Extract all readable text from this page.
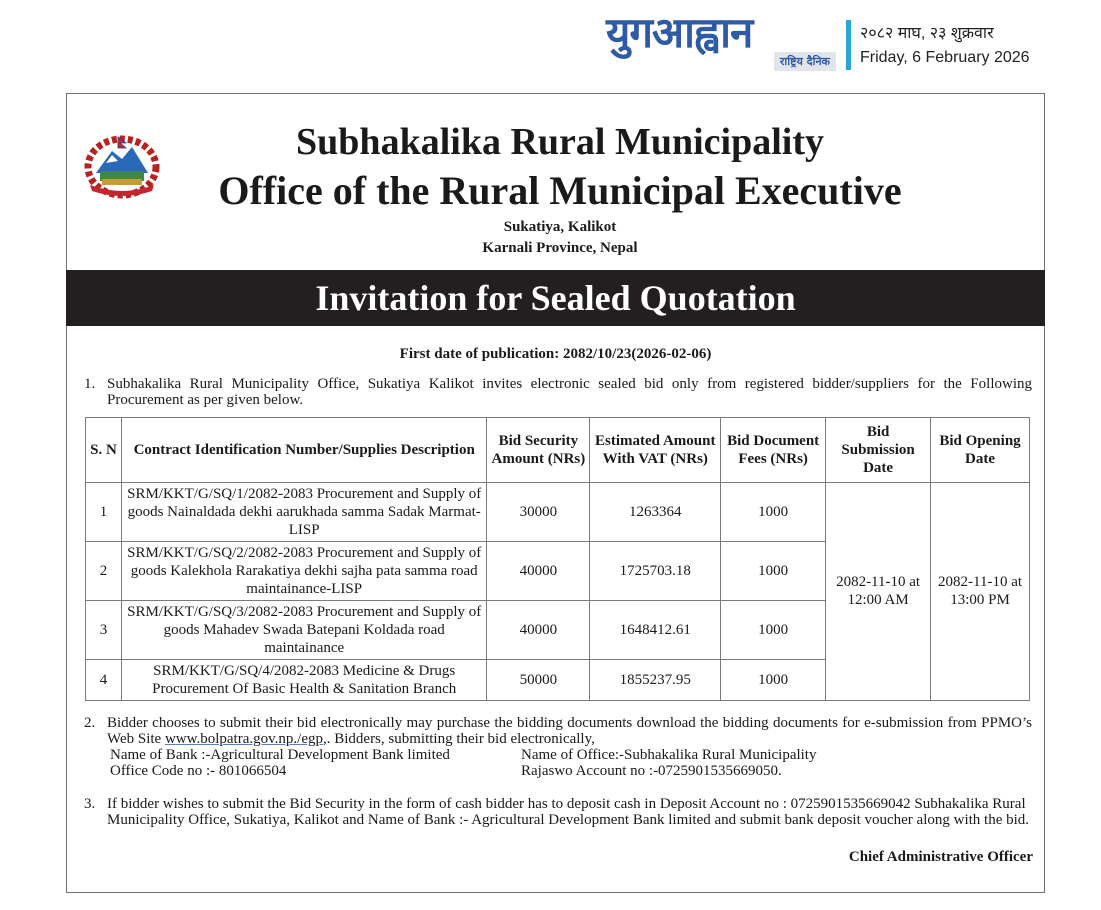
युगआह्वान
राष्ट्रिय दैनिक
२०८२ माघ, २३ शुक्रवार
Friday, 6 February 2026
Subhakalika Rural Municipality
Office of the Rural Municipal Executive
Sukatiya, Kalikot
Karnali Province, Nepal
Invitation for Sealed Quotation
First date of publication: 2082/10/23(2026-02-06)
1. Subhakalika Rural Municipality Office, Sukatiya Kalikot invites electronic sealed bid only from registered bidder/suppliers for the Following Procurement as per given below.
S. N	Contract Identification Number/Supplies Description	Bid Security Amount (NRs)	Estimated Amount With VAT (NRs)	Bid Document Fees (NRs)	Bid Submission Date	Bid Opening Date
1	SRM/KKT/G/SQ/1/2082-2083 Procurement and Supply of goods Nainaldada dekhi aarukhada samma Sadak Marmat-LISP	30000	1263364	1000	2082-11-10 at 12:00 AM	2082-11-10 at 13:00 PM
2	SRM/KKT/G/SQ/2/2082-2083 Procurement and Supply of goods Kalekhola Rarakatiya dekhi sajha pata samma road maintainance-LISP	40000	1725703.18	1000		
3	SRM/KKT/G/SQ/3/2082-2083 Procurement and Supply of goods Mahadev Swada Batepani Koldada road maintainance	40000	1648412.61	1000		
4	SRM/KKT/G/SQ/4/2082-2083 Medicine & Drugs Procurement Of Basic Health & Sanitation Branch	50000	1855237.95	1000		
2. Bidder chooses to submit their bid electronically may purchase the bidding documents download the bidding documents for e-submission from PPMO’s Web Site www.bolpatra.gov.np./egp,. Bidders, submitting their bid electronically,
Name of Bank :-Agricultural Development Bank limited	Name of Office:-Subhakalika Rural Municipality
Office Code no :- 801066504	Rajaswo Account no :-0725901535669050.
3. If bidder wishes to submit the Bid Security in the form of cash bidder has to deposit cash in Deposit Account no : 0725901535669042 Subhakalika Rural Municipality Office, Sukatiya, Kalikot and Name of Bank :- Agricultural Development Bank limited and submit bank deposit voucher along with the bid.
Chief Administrative Officer
